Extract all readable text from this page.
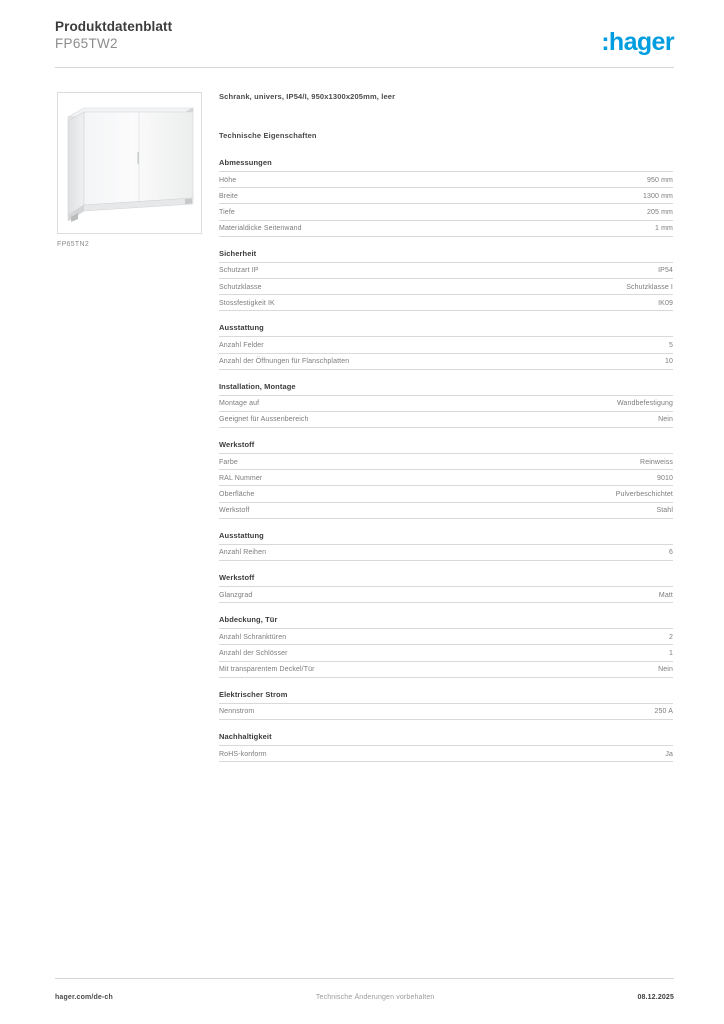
Produktdatenblatt
FP65TW2	:hager
FP65TN2
Schrank, univers, IP54/I, 950x1300x205mm, leer
Technische Eigenschaften
Abmessungen
Höhe	950 mm
Breite	1300 mm
Tiefe	205 mm
Materialdicke Seitenwand	1 mm
Sicherheit
Schutzart IP	IP54
Schutzklasse	Schutzklasse I
Stossfestigkeit IK	IK09
Ausstattung
Anzahl Felder	5
Anzahl der Öffnungen für Flanschplatten	10
Installation, Montage
Montage auf	Wandbefestigung
Geeignet für Aussenbereich	Nein
Werkstoff
Farbe	Reinweiss
RAL Nummer	9010
Oberfläche	Pulverbeschichtet
Werkstoff	Stahl
Ausstattung
Anzahl Reihen	6
Werkstoff
Glanzgrad	Matt
Abdeckung, Tür
Anzahl Schranktüren	2
Anzahl der Schlösser	1
Mit transparentem Deckel/Tür	Nein
Elektrischer Strom
Nennstrom	250 A
Nachhaltigkeit
RoHS-konform	Ja
hager.com/de-ch	Technische Änderungen vorbehalten	08.12.2025
